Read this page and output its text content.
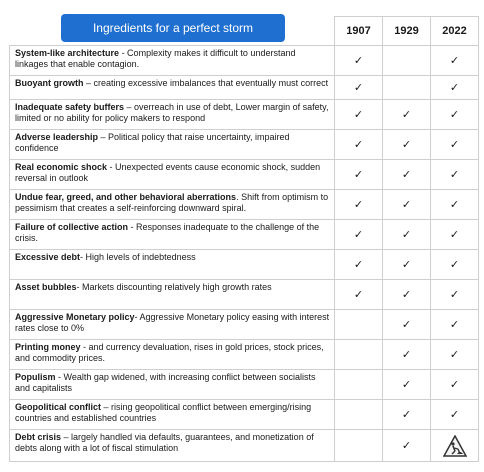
	1907	1929	2022
System-like architecture - Complexity makes it difficult to understand linkages that enable contagion.	✓		✓
Buoyant growth – creating excessive imbalances that eventually must correct	✓		✓
Inadequate safety buffers – overreach in use of debt, Lower margin of safety, limited or no ability for policy makers to respond	✓	✓	✓
Adverse leadership – Political policy that raise uncertainty, impaired confidence	✓	✓	✓
Real economic shock - Unexpected events cause economic shock, sudden reversal in outlook	✓	✓	✓
Undue fear, greed, and other behavioral aberrations. Shift from optimism to pessimism that creates a self-reinforcing downward spiral.	✓	✓	✓
Failure of collective action - Responses inadequate to the challenge of the crisis.	✓	✓	✓
Excessive debt- High levels of indebtedness	✓	✓	✓
Asset bubbles- Markets discounting relatively high growth rates	✓	✓	✓
Aggressive Monetary policy- Aggressive Monetary policy easing with interest rates close to 0%		✓	✓
Printing money - and currency devaluation, rises in gold prices, stock prices, and commodity prices.		✓	✓
Populism - Wealth gap widened, with increasing conflict between socialists and capitalists		✓	✓
Geopolitical conflict – rising geopolitical conflict between emerging/rising countries and established countries		✓	✓
Debt crisis – largely handled via defaults, guarantees, and monetization of debts along with a lot of fiscal stimulation		✓	
Ingredients for a perfect storm
